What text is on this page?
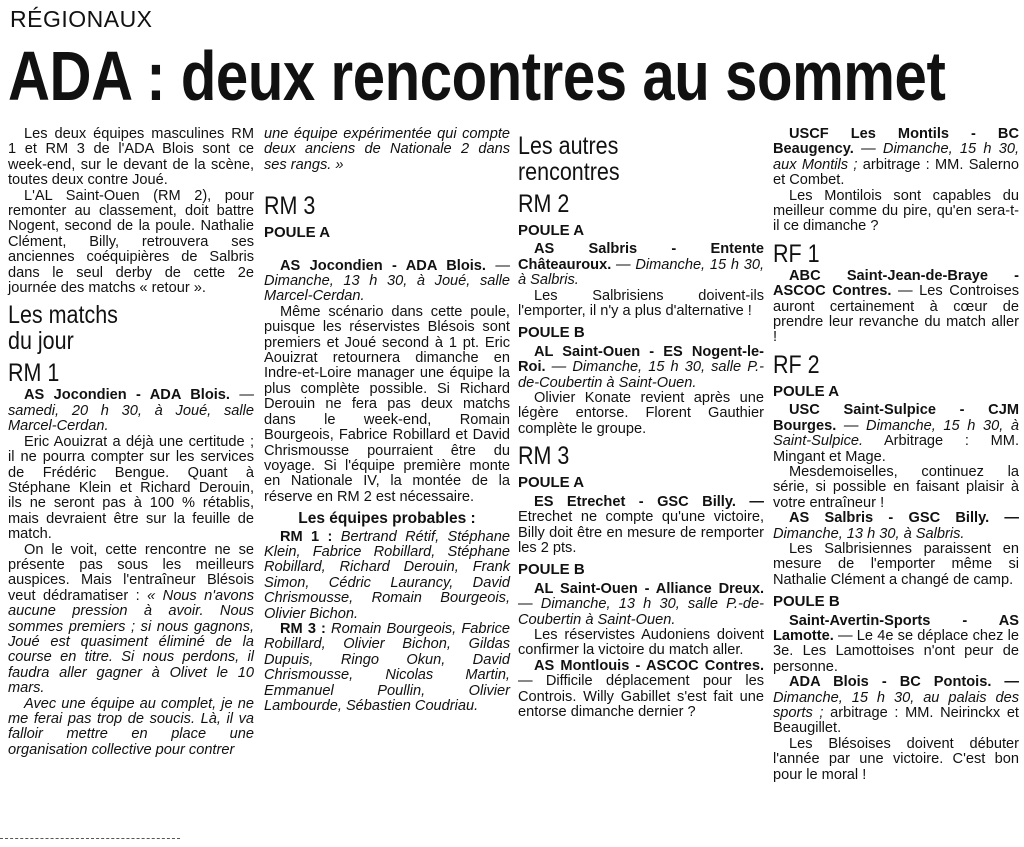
RÉGIONAUX
ADA : deux rencontres au sommet
Les deux équipes masculines RM 1 et RM 3 de l'ADA Blois sont ce week-end, sur le devant de la scène, toutes deux contre Joué.
L'AL Saint-Ouen (RM 2), pour remonter au classement, doit battre Nogent, second de la poule. Nathalie Clément, Billy, retrouvera ses anciennes coéquipières de Salbris dans le seul derby de cette 2e journée des matchs « retour ».
Les matchs
du jour
RM 1
AS Jocondien - ADA Blois. — samedi, 20 h 30, à Joué, salle Marcel-Cerdan.
Eric Aouizrat a déjà une certitude ; il ne pourra compter sur les services de Frédéric Bengue. Quant à Stéphane Klein et Richard Derouin, ils ne seront pas à 100 % rétablis, mais devraient être sur la feuille de match.
On le voit, cette rencontre ne se présente pas sous les meilleurs auspices. Mais l'entraîneur Blésois veut dédramatiser : « Nous n'avons aucune pression à avoir. Nous sommes premiers ; si nous gagnons, Joué est quasiment éliminé de la course en titre. Si nous perdons, il faudra aller gagner à Olivet le 10 mars.
Avec une équipe au complet, je ne me ferai pas trop de soucis. Là, il va falloir mettre en place une organisation collective pour contrer
une équipe expérimentée qui compte deux anciens de Nationale 2 dans ses rangs. »
RM 3
POULE A
AS Jocondien - ADA Blois. — Dimanche, 13 h 30, à Joué, salle Marcel-Cerdan.
Même scénario dans cette poule, puisque les réservistes Blésois sont premiers et Joué second à 1 pt. Eric Aouizrat retournera dimanche en Indre-et-Loire manager une équipe la plus complète possible. Si Richard Derouin ne fera pas deux matchs dans le week-end, Romain Bourgeois, Fabrice Robillard et David Chrismousse pourraient être du voyage. Si l'équipe première monte en Nationale IV, la montée de la réserve en RM 2 est nécessaire.
Les équipes probables :
RM 1 : Bertrand Rétif, Stéphane Klein, Fabrice Robillard, Stéphane Robillard, Richard Derouin, Frank Simon, Cédric Laurancy, David Chrismousse, Romain Bourgeois, Olivier Bichon.
RM 3 : Romain Bourgeois, Fabrice Robillard, Olivier Bichon, Gildas Dupuis, Ringo Okun, David Chrismousse, Nicolas Martin, Emmanuel Poullin, Olivier Lambourde, Sébastien Coudriau.
Les autres
rencontres
RM 2
POULE A
AS Salbris - Entente Châteauroux. — Dimanche, 15 h 30, à Salbris.
Les Salbrisiens doivent-ils l'emporter, il n'y a plus d'alternative !
POULE B
AL Saint-Ouen - ES Nogent-le-Roi. — Dimanche, 15 h 30, salle P.-de-Coubertin à Saint-Ouen.
Olivier Konate revient après une légère entorse. Florent Gauthier complète le groupe.
RM 3
POULE A
ES Etrechet - GSC Billy. — Etrechet ne compte qu'une victoire, Billy doit être en mesure de remporter les 2 pts.
POULE B
AL Saint-Ouen - Alliance Dreux. — Dimanche, 13 h 30, salle P.-de-Coubertin à Saint-Ouen.
Les réservistes Audoniens doivent confirmer la victoire du match aller.
AS Montlouis - ASCOC Contres. — Difficile déplacement pour les Controis. Willy Gabillet s'est fait une entorse dimanche dernier ?
USCF Les Montils - BC Beaugency. — Dimanche, 15 h 30, aux Montils ; arbitrage : MM. Salerno et Combet.
Les Montilois sont capables du meilleur comme du pire, qu'en sera-t-il ce dimanche ?
RF 1
ABC Saint-Jean-de-Braye - ASCOC Contres. — Les Controises auront certainement à cœur de prendre leur revanche du match aller !
RF 2
POULE A
USC Saint-Sulpice - CJM Bourges. — Dimanche, 15 h 30, à Saint-Sulpice. Arbitrage : MM. Mingant et Mage.
Mesdemoiselles, continuez la série, si possible en faisant plaisir à votre entraîneur !
AS Salbris - GSC Billy. — Dimanche, 13 h 30, à Salbris.
Les Salbrisiennes paraissent en mesure de l'emporter même si Nathalie Clément a changé de camp.
POULE B
Saint-Avertin-Sports - AS Lamotte. — Le 4e se déplace chez le 3e. Les Lamottoises n'ont peur de personne.
ADA Blois - BC Pontois. — Dimanche, 15 h 30, au palais des sports ; arbitrage : MM. Neirinckx et Beaugillet.
Les Blésoises doivent débuter l'année par une victoire. C'est bon pour le moral !
